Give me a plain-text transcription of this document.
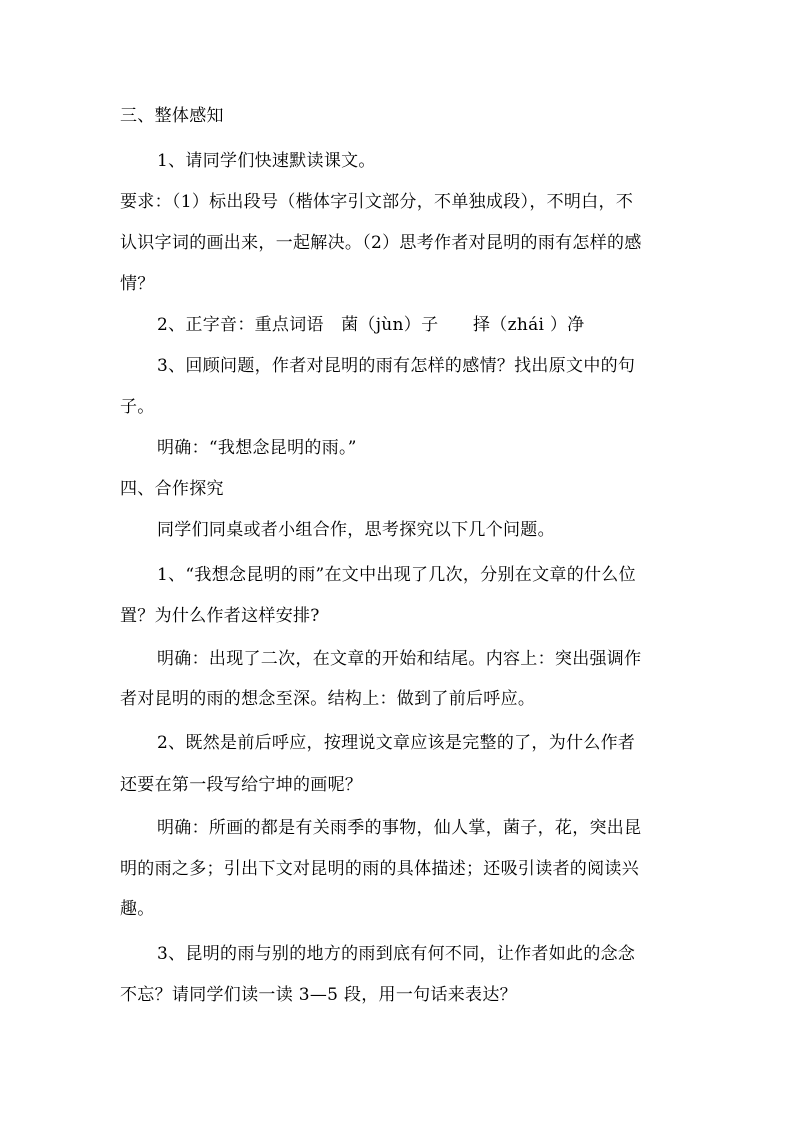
三、整体感知
1、请同学们快速默读课文。
要求：（1）标出段号（楷体字引文部分，不单独成段），不明白，不
认识字词的画出来，一起解决。（2）思考作者对昆明的雨有怎样的感
情？
2、正字音：重点词语　菌（jùn）子　　择（zhái ）净
3、回顾问题，作者对昆明的雨有怎样的感情？找出原文中的句
子。
明确：“我想念昆明的雨。”
四、合作探究
同学们同桌或者小组合作，思考探究以下几个问题。
1、“我想念昆明的雨”在文中出现了几次，分别在文章的什么位
置？为什么作者这样安排?
明确：出现了二次，在文章的开始和结尾。内容上：突出强调作
者对昆明的雨的想念至深。结构上：做到了前后呼应。
2、既然是前后呼应，按理说文章应该是完整的了，为什么作者
还要在第一段写给宁坤的画呢？
明确：所画的都是有关雨季的事物，仙人掌，菌子，花，突出昆
明的雨之多；引出下文对昆明的雨的具体描述；还吸引读者的阅读兴
趣。
3、昆明的雨与别的地方的雨到底有何不同，让作者如此的念念
不忘？请同学们读一读 3—5 段，用一句话来表达？
